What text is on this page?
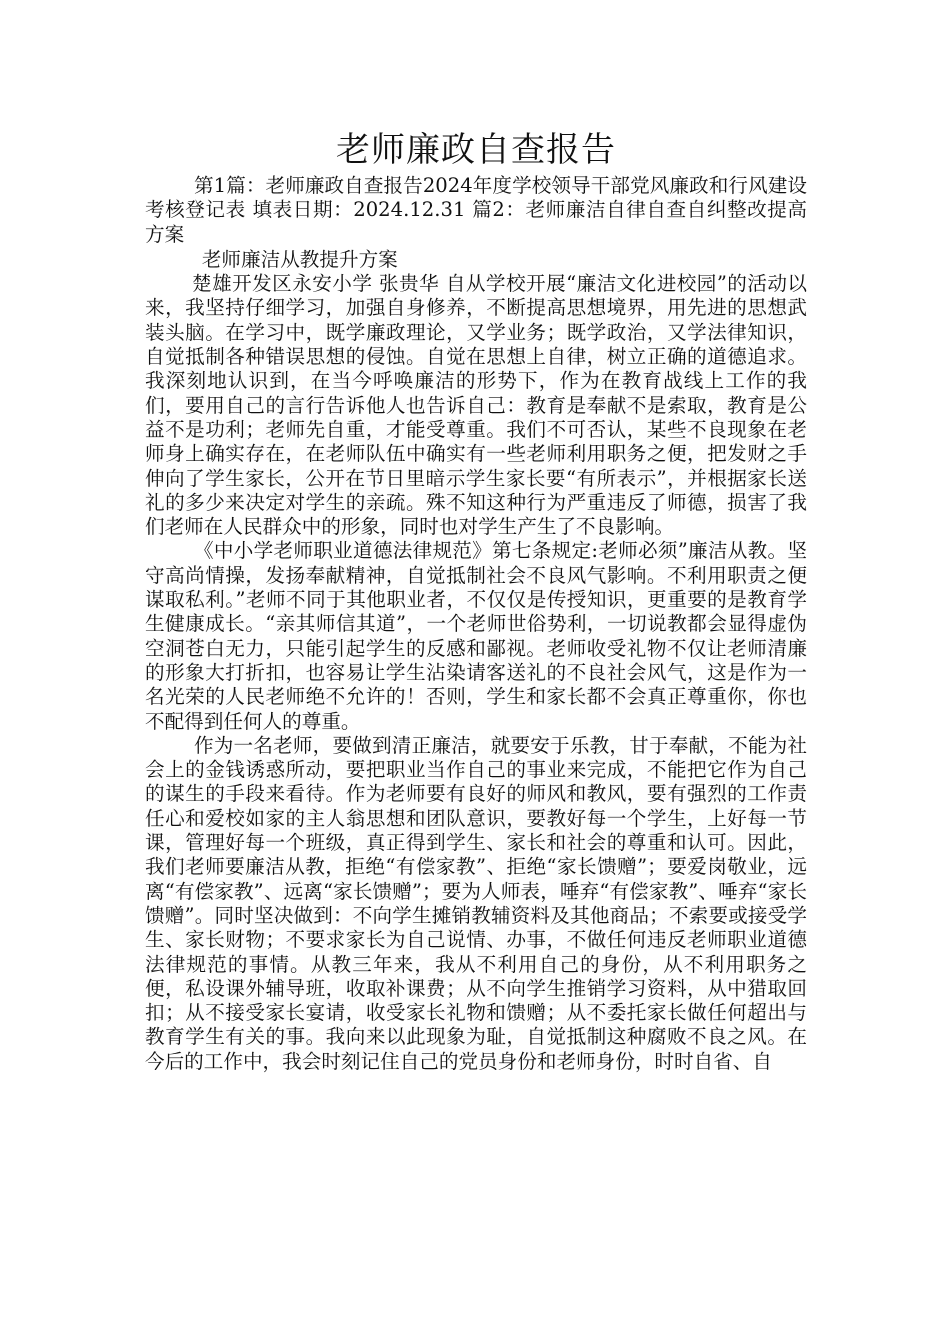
老师廉政自查报告

第1篇：老师廉政自查报告2024年度学校领导干部党风廉政和行风建设考核登记表 填表日期：2024.12.31 篇2：老师廉洁自律自查自纠整改提高方案

老师廉洁从教提升方案

楚雄开发区永安小学 张贵华 自从学校开展“廉洁文化进校园”的活动以来，我坚持仔细学习，加强自身修养，不断提高思想境界，用先进的思想武装头脑。在学习中，既学廉政理论，又学业务；既学政治，又学法律知识，自觉抵制各种错误思想的侵蚀。自觉在思想上自律，树立正确的道德追求。我深刻地认识到，在当今呼唤廉洁的形势下，作为在教育战线上工作的我们，要用自己的言行告诉他人也告诉自己：教育是奉献不是索取，教育是公益不是功利；老师先自重，才能受尊重。我们不可否认，某些不良现象在老师身上确实存在，在老师队伍中确实有一些老师利用职务之便，把发财之手伸向了学生家长，公开在节日里暗示学生家长要“有所表示”，并根据家长送礼的多少来决定对学生的亲疏。殊不知这种行为严重违反了师德，损害了我们老师在人民群众中的形象，同时也对学生产生了不良影响。

《中小学老师职业道德法律规范》第七条规定:老师必须”廉洁从教。坚守高尚情操，发扬奉献精神，自觉抵制社会不良风气影响。不利用职责之便谋取私利。”老师不同于其他职业者，不仅仅是传授知识，更重要的是教育学生健康成长。“亲其师信其道”，一个老师世俗势利，一切说教都会显得虚伪空洞苍白无力，只能引起学生的反感和鄙视。老师收受礼物不仅让老师清廉的形象大打折扣，也容易让学生沾染请客送礼的不良社会风气，这是作为一名光荣的人民老师绝不允许的！否则，学生和家长都不会真正尊重你，你也不配得到任何人的尊重。

作为一名老师，要做到清正廉洁，就要安于乐教，甘于奉献，不能为社会上的金钱诱惑所动，要把职业当作自己的事业来完成，不能把它作为自己的谋生的手段来看待。作为老师要有良好的师风和教风，要有强烈的工作责任心和爱校如家的主人翁思想和团队意识，要教好每一个学生，上好每一节课，管理好每一个班级，真正得到学生、家长和社会的尊重和认可。因此，我们老师要廉洁从教，拒绝“有偿家教”、拒绝“家长馈赠”；要爱岗敬业，远离“有偿家教”、远离“家长馈赠”；要为人师表，唾弃“有偿家教”、唾弃“家长馈赠”。同时坚决做到：不向学生摊销教辅资料及其他商品；不索要或接受学生、家长财物；不要求家长为自己说情、办事，不做任何违反老师职业道德法律规范的事情。从教三年来，我从不利用自己的身份，从不利用职务之便，私设课外辅导班，收取补课费；从不向学生推销学习资料，从中猎取回扣；从不接受家长宴请，收受家长礼物和馈赠；从不委托家长做任何超出与教育学生有关的事。我向来以此现象为耻，自觉抵制这种腐败不良之风。在今后的工作中，我会时刻记住自己的党员身份和老师身份，时时自省、自
